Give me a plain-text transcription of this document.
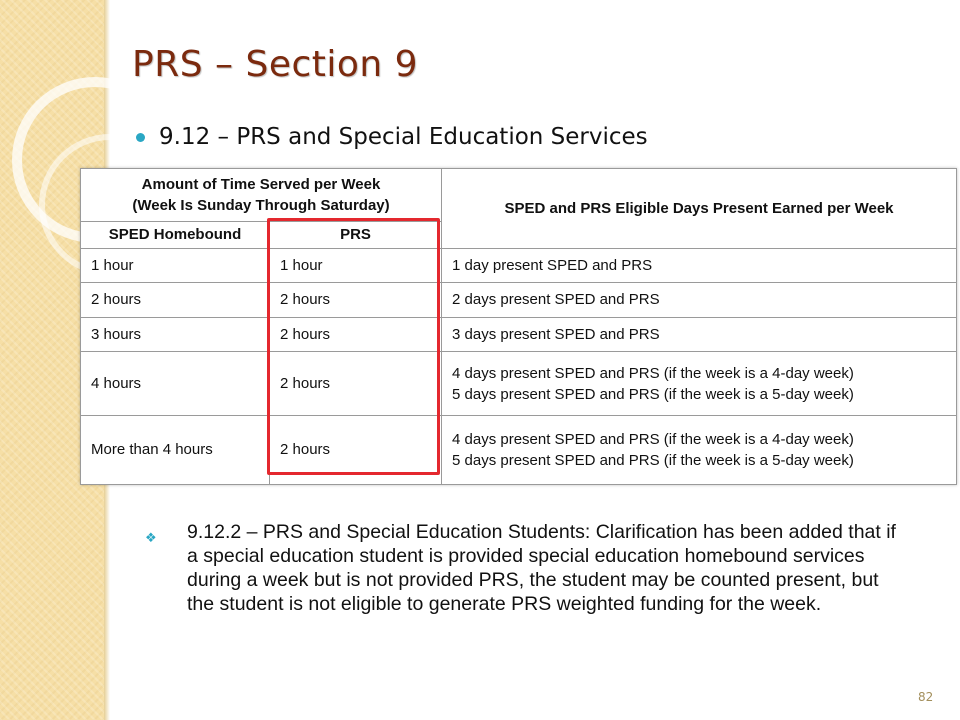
PRS – Section 9
9.12 – PRS and Special Education Services
Amount of Time Served per Week
(Week Is Sunday Through Saturday)		SPED and PRS Eligible Days Present Earned per Week
SPED Homebound	PRS	
1 hour	1 hour	1 day present SPED and PRS
2 hours	2 hours	2 days present SPED and PRS
3 hours	2 hours	3 days present SPED and PRS
4 hours	2 hours	4 days present SPED and PRS (if the week is a 4-day week)
5 days present SPED and PRS (if the week is a 5-day week)

More than 4 hours	2 hours	4 days present SPED and PRS (if the week is a 4-day week)
5 days present SPED and PRS (if the week is a 5-day week)
❖ 9.12.2 – PRS and Special Education Students: Clarification has been added that if a special education student is provided special education homebound services during a week but is not provided PRS, the student may be counted present, but the student is not eligible to generate PRS weighted funding for the week.
82
